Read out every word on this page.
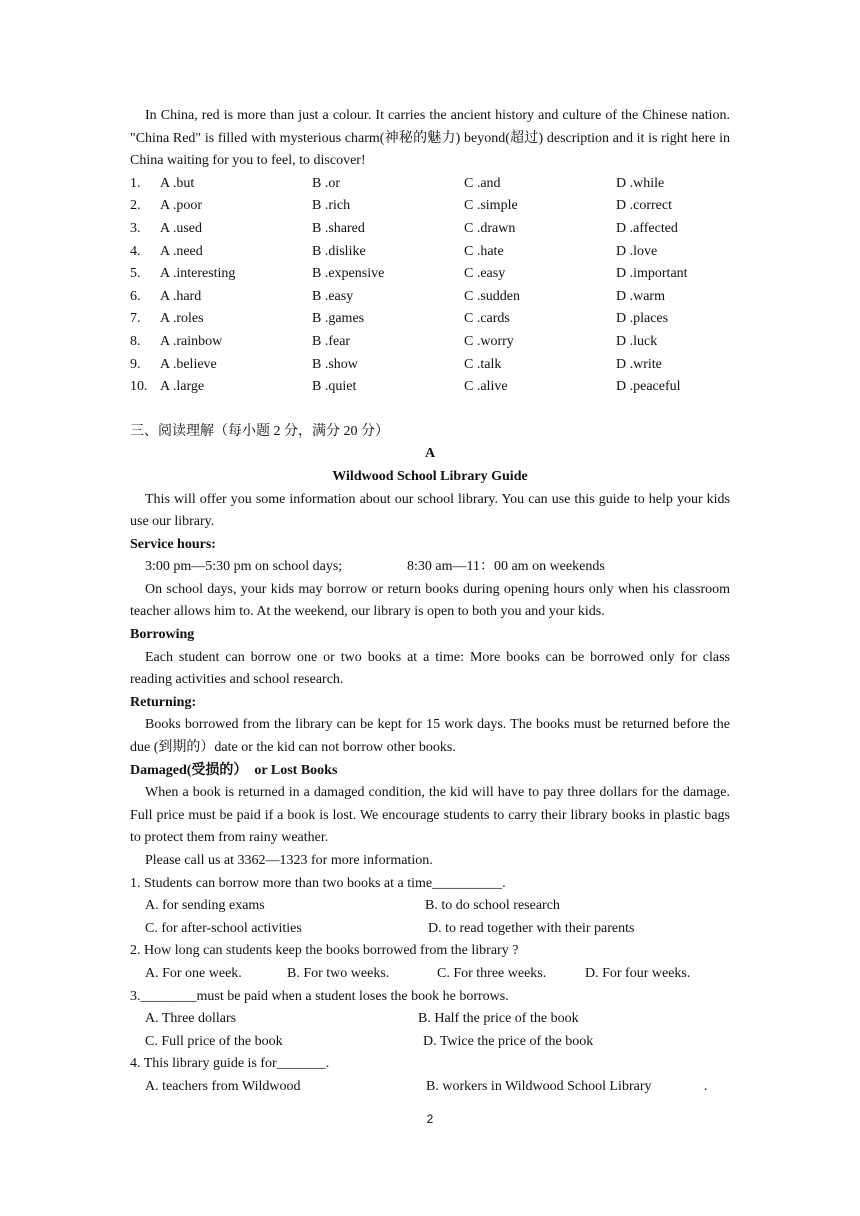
In China, red is more than just a colour. It carries the ancient history and culture of the Chinese nation. "China Red" is filled with mysterious charm(神秘的魅力) beyond(超过) description and it is right here in China waiting for you to feel, to discover!

1.	A .but	B .or	C .and	D .while
2.	A .poor	B .rich	C .simple	D .correct
3.	A .used	B .shared	C .drawn	D .affected
4.	A .need	B .dislike	C .hate	D .love
5.	A .interesting	B .expensive	C .easy	D .important
6.	A .hard	B .easy	C .sudden	D .warm
7.	A .roles	B .games	C .cards	D .places
8.	A .rainbow	B .fear	C .worry	D .luck
9.	A .believe	B .show	C .talk	D .write
10. A .large	B .quiet	C .alive	D .peaceful

三、阅读理解（每小题 2 分，满分 20 分）

A

Wildwood School Library Guide

This will offer you some information about our school library. You can use this guide to help your kids use our library.

Service hours:

3:00 pm—5:30 pm on school days;	8:30 am—11：00 am on weekends

On school days, your kids may borrow or return books during opening hours only when his classroom teacher allows him to. At the weekend, our library is open to both you and your kids.

Borrowing

Each student can borrow one or two books at a time: More books can be borrowed only for class reading activities and school research.

Returning:

Books borrowed from the library can be kept for 15 work days. The books must be returned before the due (到期的）date or the kid can not borrow other books.

Damaged(受损的）  or Lost Books

When a book is returned in a damaged condition, the kid will have to pay three dollars for the damage. Full price must be paid if a book is lost. We encourage students to carry their library books in plastic bags to protect them from rainy weather.

Please call us at 3362—1323 for more information.

1. Students can borrow more than two books at a time__________.

A. for sending exams	B. to do school research
C. for after-school activities	D. to read together with their parents

2. How long can students keep the books borrowed from the library ?

A. For one week.	B. For two weeks.	C. For three weeks.	D. For four weeks.

3.________must be paid when a student loses the book he borrows.

A. Three dollars	B. Half the price of the book
C. Full price of the book	D. Twice the price of the book

4. This library guide is for_______.

A. teachers from Wildwood	B. workers in Wildwood School Library	.
2
